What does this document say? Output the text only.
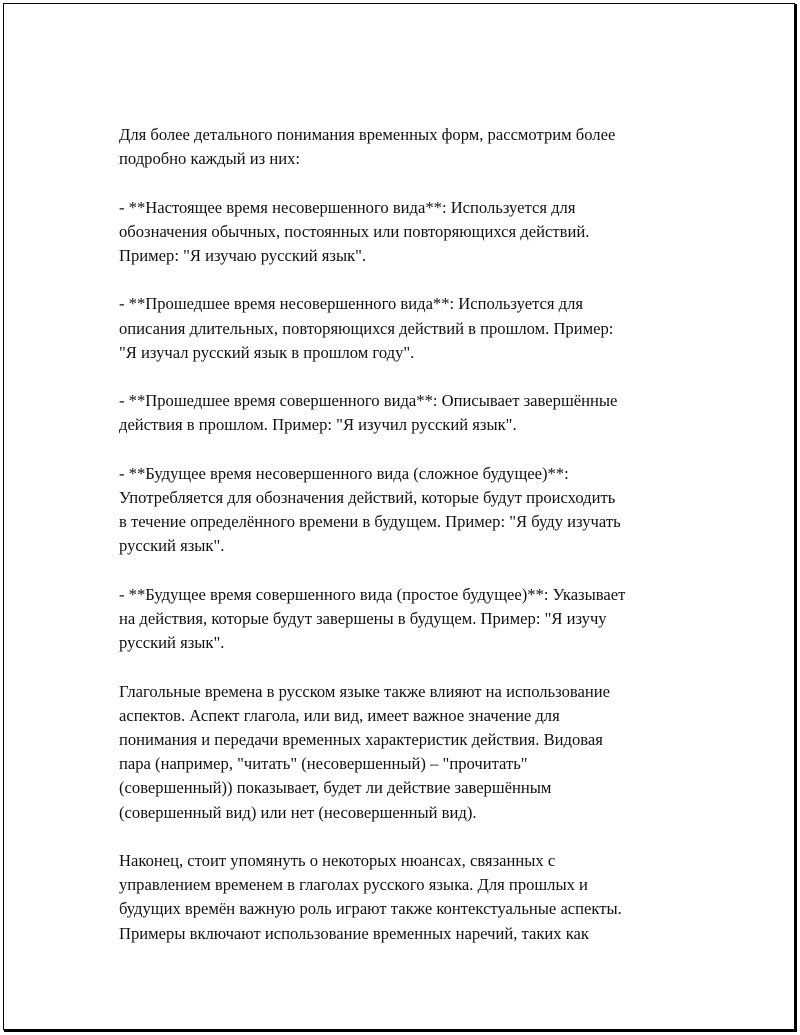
Для более детального понимания временных форм, рассмотрим более
подробно каждый из них:

- **Настоящее время несовершенного вида**: Используется для
обозначения обычных, постоянных или повторяющихся действий.
Пример: "Я изучаю русский язык".

- **Прошедшее время несовершенного вида**: Используется для
описания длительных, повторяющихся действий в прошлом. Пример:
"Я изучал русский язык в прошлом году".

- **Прошедшее время совершенного вида**: Описывает завершённые
действия в прошлом. Пример: "Я изучил русский язык".

- **Будущее время несовершенного вида (сложное будущее)**:
Употребляется для обозначения действий, которые будут происходить
в течение определённого времени в будущем. Пример: "Я буду изучать
русский язык".

- **Будущее время совершенного вида (простое будущее)**: Указывает
на действия, которые будут завершены в будущем. Пример: "Я изучу
русский язык".

Глагольные времена в русском языке также влияют на использование
аспектов. Аспект глагола, или вид, имеет важное значение для
понимания и передачи временных характеристик действия. Видовая
пара (например, "читать" (несовершенный) – "прочитать"
(совершенный)) показывает, будет ли действие завершённым
(совершенный вид) или нет (несовершенный вид).

Наконец, стоит упомянуть о некоторых нюансах, связанных с
управлением временем в глаголах русского языка. Для прошлых и
будущих времён важную роль играют также контекстуальные аспекты.
Примеры включают использование временных наречий, таких как
